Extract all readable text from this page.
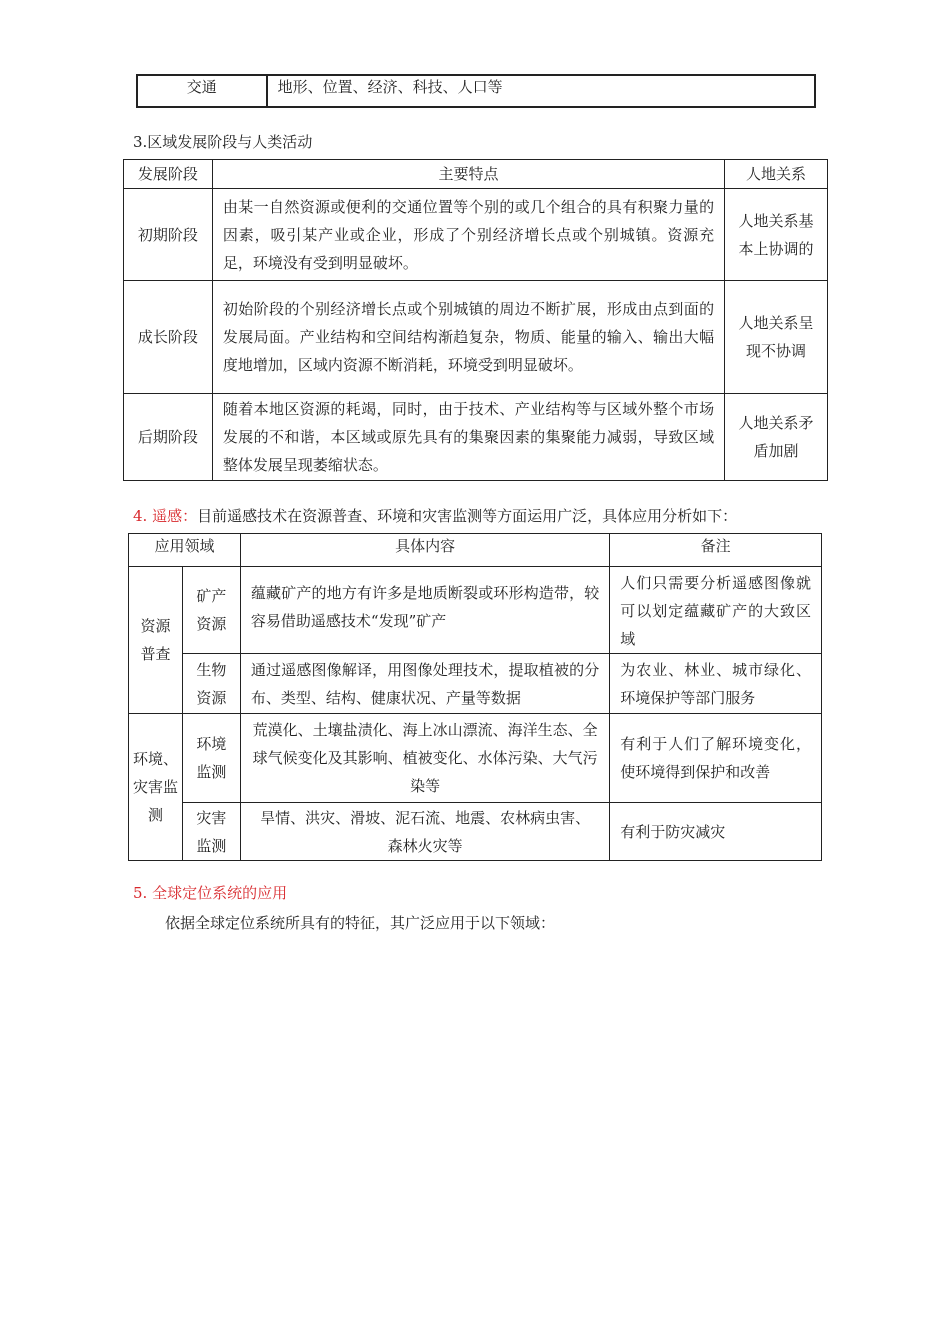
交通	地形、位置、经济、科技、人口等
3.区域发展阶段与人类活动
发展阶段	主要特点	人地关系
初期阶段	由某一自然资源或便利的交通位置等个别的或几个组合的具有积聚力量的因素，吸引某产业或企业，形成了个别经济增长点或个别城镇。资源充足，环境没有受到明显破坏。	人地关系基本上协调的
成长阶段	初始阶段的个别经济增长点或个别城镇的周边不断扩展，形成由点到面的发展局面。产业结构和空间结构渐趋复杂，物质、能量的输入、输出大幅度地增加，区域内资源不断消耗，环境受到明显破坏。	人地关系呈现不协调
后期阶段	随着本地区资源的耗竭，同时，由于技术、产业结构等与区域外整个市场发展的不和谐，本区域或原先具有的集聚因素的集聚能力减弱，导致区域整体发展呈现萎缩状态。	人地关系矛盾加剧
4. 遥感：目前遥感技术在资源普查、环境和灾害监测等方面运用广泛，具体应用分析如下：
应用领域		具体内容	备注
资源普查	矿产资源	蕴藏矿产的地方有许多是地质断裂或环形构造带，较容易借助遥感技术“发现”矿产	人们只需要分析遥感图像就可以划定蕴藏矿产的大致区域
	生物资源	通过遥感图像解译，用图像处理技术，提取植被的分布、类型、结构、健康状况、产量等数据	为农业、林业、城市绿化、环境保护等部门服务
环境、灾害监测	环境监测	荒漠化、土壤盐渍化、海上冰山漂流、海洋生态、全球气候变化及其影响、植被变化、水体污染、大气污染等	有利于人们了解环境变化，使环境得到保护和改善
	灾害监测	旱情、洪灾、滑坡、泥石流、地震、农林病虫害、森林火灾等	有利于防灾减灾
5. 全球定位系统的应用
依据全球定位系统所具有的特征，其广泛应用于以下领域：
